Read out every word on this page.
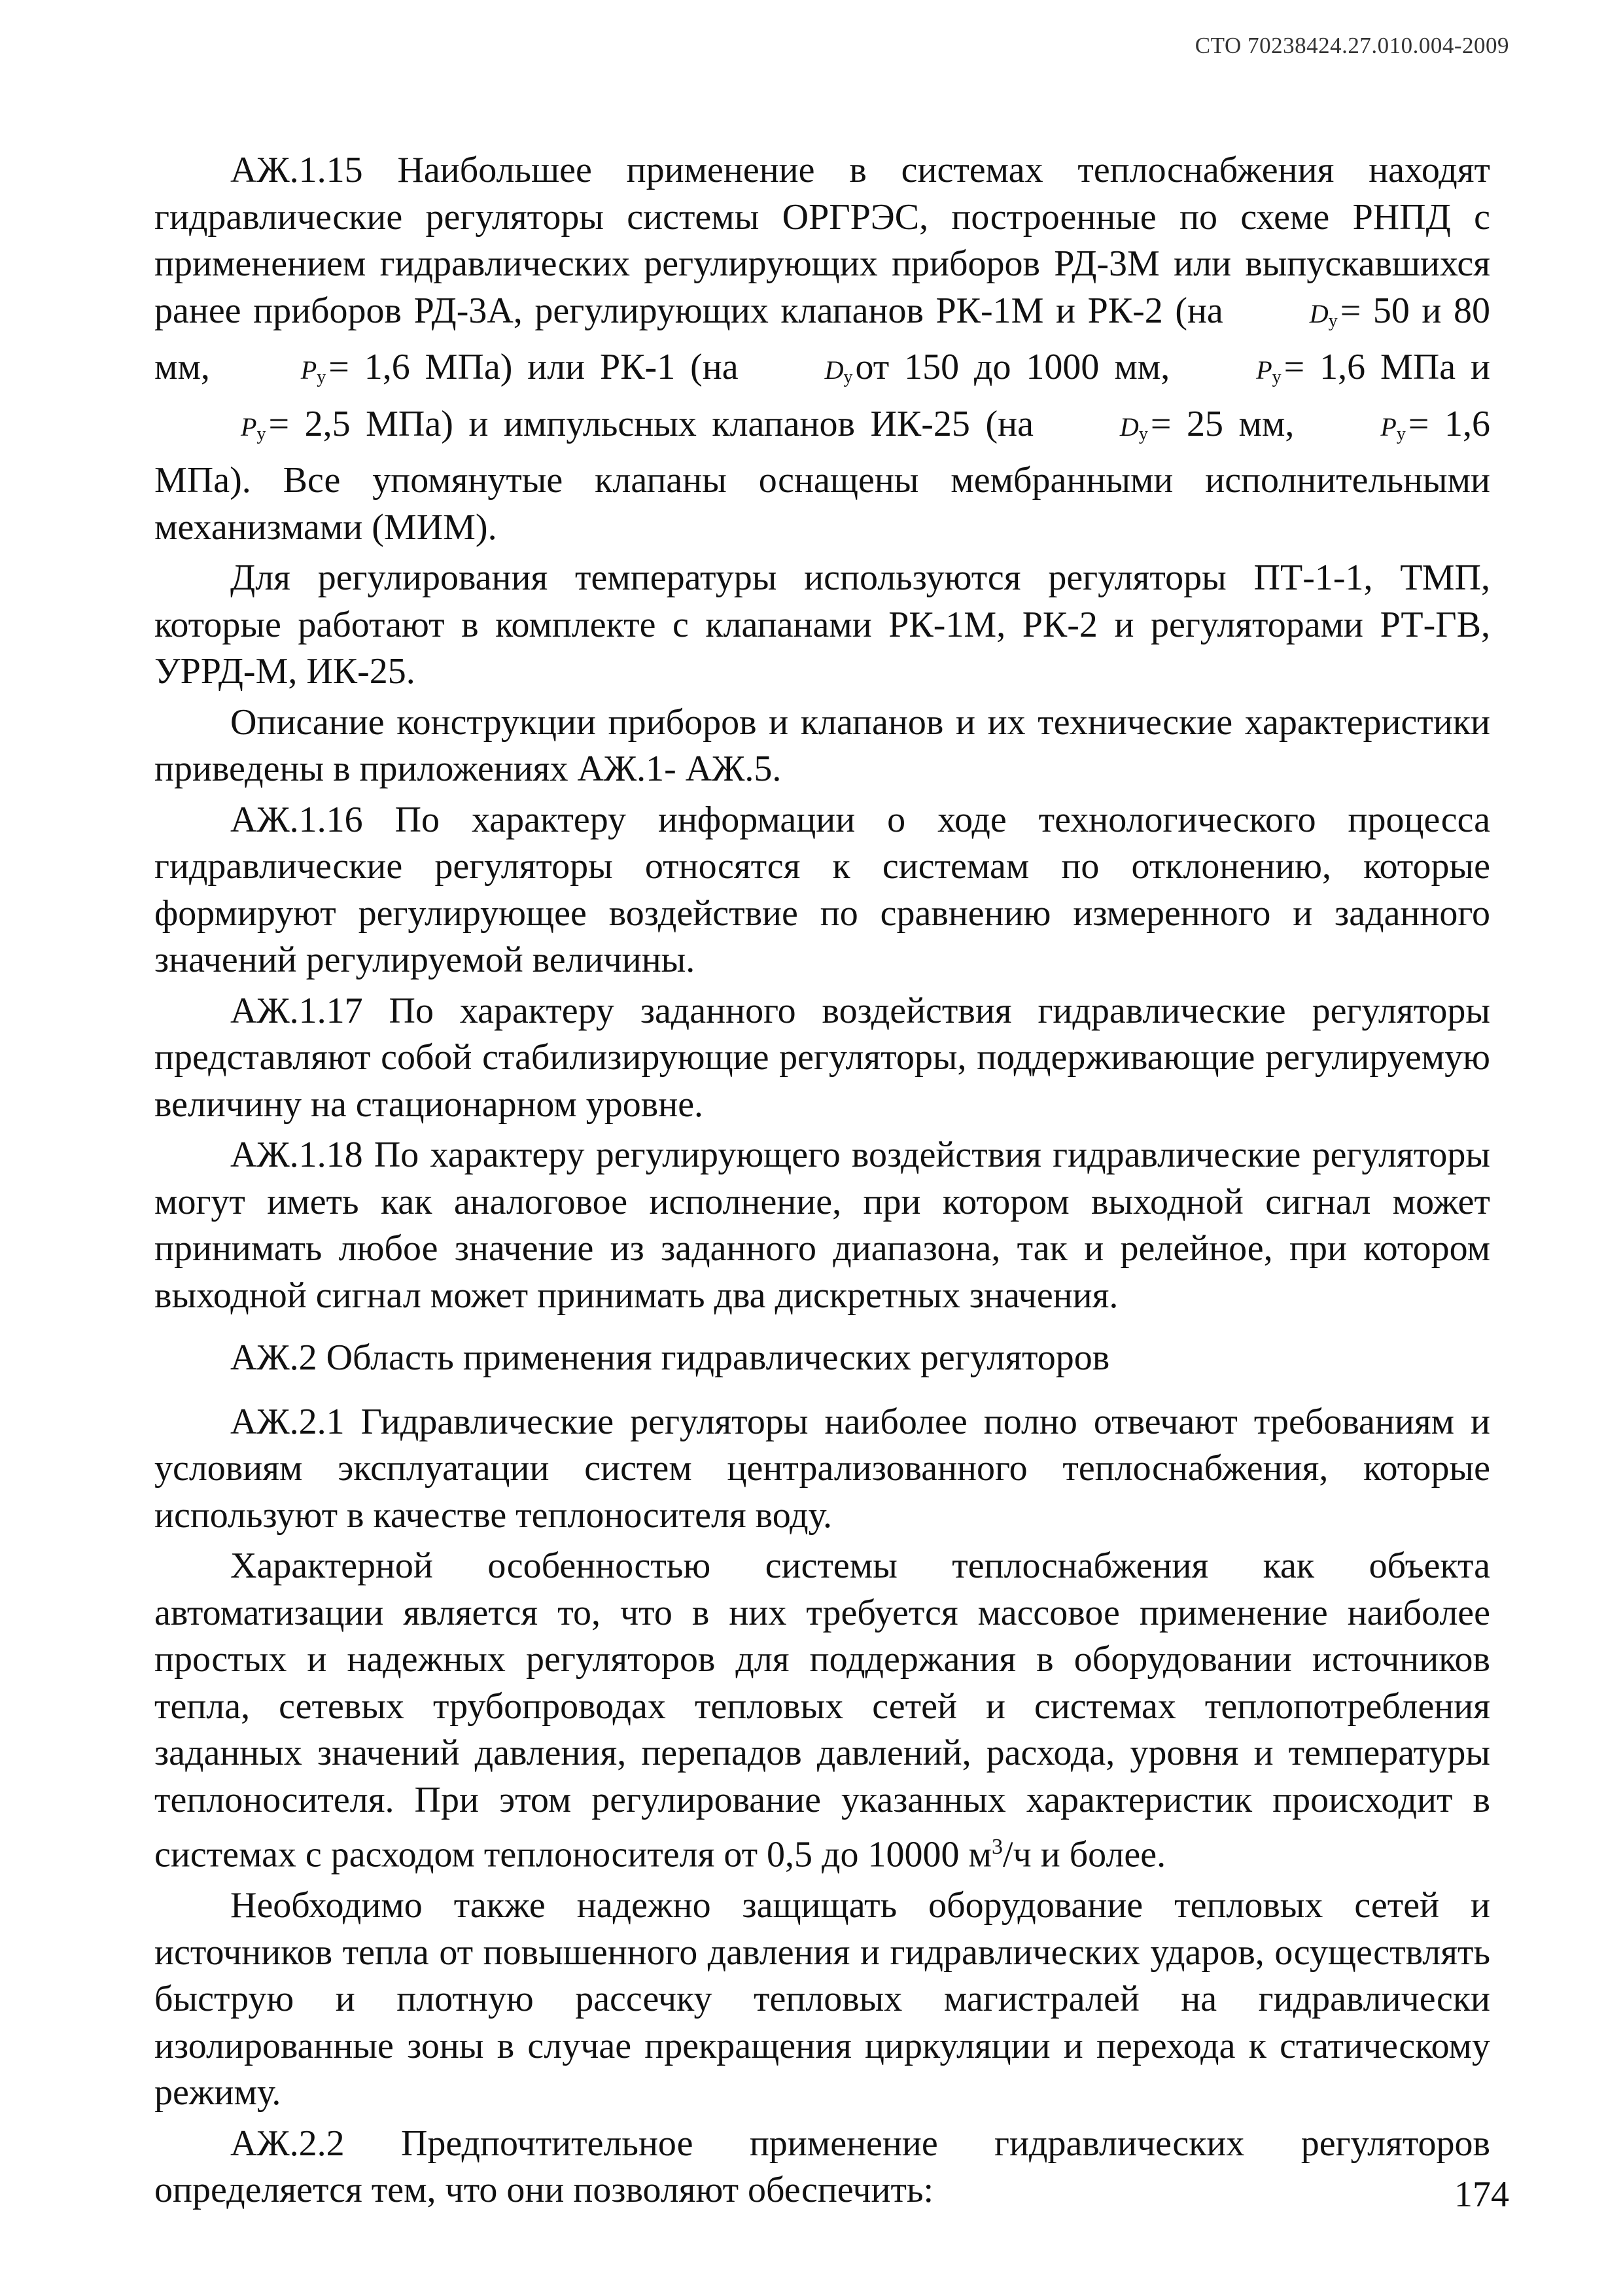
СТО 70238424.27.010.004-2009

АЖ.1.15 Наибольшее применение в системах теплоснабжения находят гидравлические регуляторы системы ОРГРЭС, построенные по схеме РНПД с применением гидравлических регулирующих приборов РД-3М или выпускавшихся ранее приборов РД-3А, регулирующих клапанов РК-1М и РК-2 (на	$D_у= 50$ и 80 мм,	$P_у= 1,6$ МПа) или РК-1 (на	$D_уот$ 150 до 1000 мм,	$P_у= 1,6$ МПа $иP_у= 2,5$ МПа) и импульсных клапанов ИК-25 (на	$D_у= 25$ мм,	$P_у= 1,6$ МПа). Все упомянутые клапаны оснащены мембранными исполнительными механизмами (МИМ).

Для регулирования температуры используются регуляторы ПТ-1-1, ТМП, которые работают в комплекте с клапанами РК-1М, РК-2 и регуляторами РТ-ГВ, УРРД-М, ИК-25.

Описание конструкции приборов и клапанов и их технические характеристики приведены в приложениях АЖ.1- АЖ.5.

АЖ.1.16 По характеру информации о ходе технологического процесса гидравлические регуляторы относятся к системам по отклонению, которые формируют регулирующее воздействие по сравнению измеренного и заданного значений регулируемой величины.

АЖ.1.17 По характеру заданного воздействия гидравлические регуляторы представляют собой стабилизирующие регуляторы, поддерживающие регулируемую величину на стационарном уровне.

АЖ.1.18 По характеру регулирующего воздействия гидравлические регуляторы могут иметь как аналоговое исполнение, при котором выходной сигнал может принимать любое значение из заданного диапазона, так и релейное, при котором выходной сигнал может принимать два дискретных значения.

АЖ.2 Область применения гидравлических регуляторов

АЖ.2.1 Гидравлические регуляторы наиболее полно отвечают требованиям и условиям эксплуатации систем централизованного теплоснабжения, которые используют в качестве теплоносителя воду.

Характерной особенностью системы теплоснабжения как объекта автоматизации является то, что в них требуется массовое применение наиболее простых и надежных регуляторов для поддержания в оборудовании источников тепла, сетевых трубопроводах тепловых сетей и системах теплопотребления заданных значений давления, перепадов давлений, расхода, уровня и температуры теплоносителя. При этом регулирование указанных характеристик происходит в системах с расходом теплоносителя от 0,5 до 10000 $м^3/ч$ и более.

Необходимо также надежно защищать оборудование тепловых сетей и источников тепла от повышенного давления и гидравлических ударов, осуществлять быструю и плотную рассечку тепловых магистралей на гидравлически изолированные зоны в случае прекращения циркуляции и перехода к статическому режиму.

АЖ.2.2 Предпочтительное применение гидравлических регуляторов определяется тем, что они позволяют обеспечить:	174
